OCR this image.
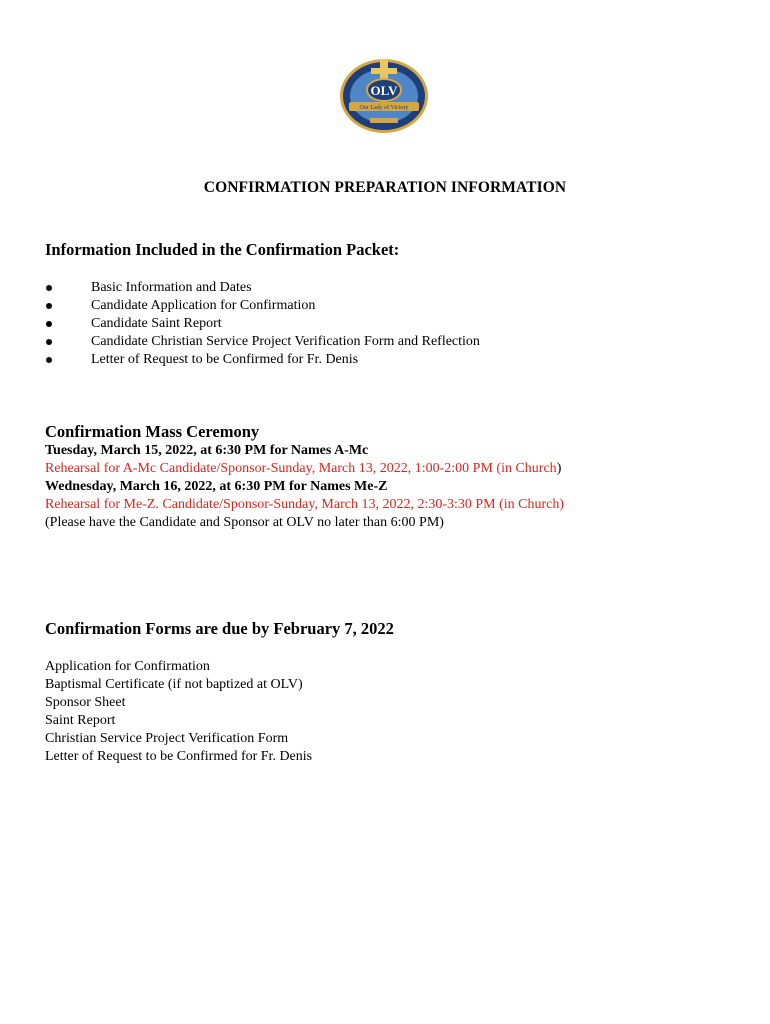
OLV
Our Lady of Victory
CONFIRMATION PREPARATION INFORMATION
Information Included in the Confirmation Packet:
Basic Information and Dates
Candidate Application for Confirmation
Candidate Saint Report
Candidate Christian Service Project Verification Form and Reflection
Letter of Request to be Confirmed for Fr. Denis
Confirmation Mass Ceremony
Tuesday, March 15, 2022, at 6:30 PM for Names A-Mc
Rehearsal for A-Mc Candidate/Sponsor-Sunday, March 13, 2022, 1:00-2:00 PM (in Church)
Wednesday, March 16, 2022, at 6:30 PM for Names Me-Z
Rehearsal for Me-Z. Candidate/Sponsor-Sunday, March 13, 2022, 2:30-3:30 PM (in Church)
(Please have the Candidate and Sponsor at OLV no later than 6:00 PM)
Confirmation Forms are due by February 7, 2022
Application for Confirmation
Baptismal Certificate (if not baptized at OLV)
Sponsor Sheet
Saint Report
Christian Service Project Verification Form
Letter of Request to be Confirmed for Fr. Denis
